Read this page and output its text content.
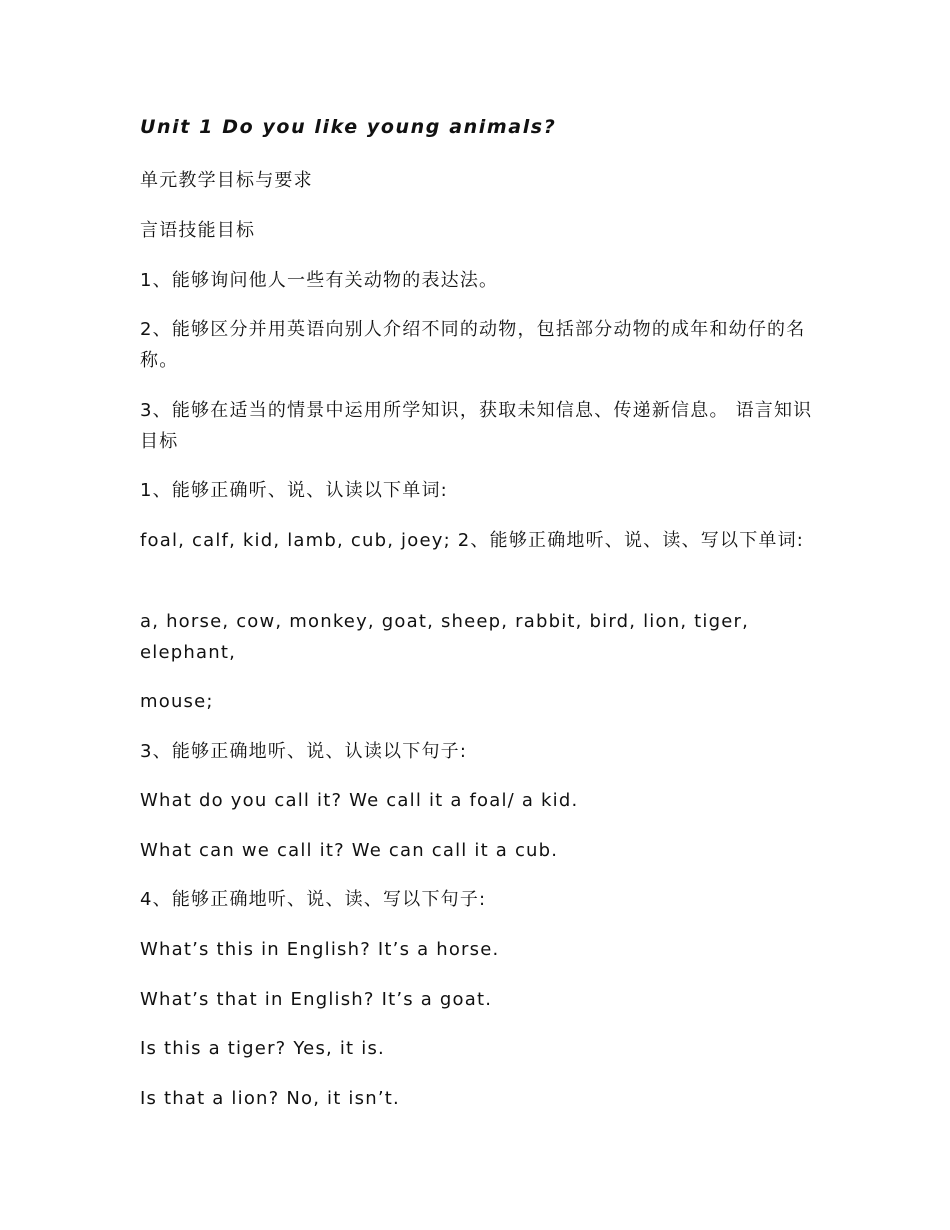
Unit 1 Do you like young animals?
单元教学目标与要求
言语技能目标
1、能够询问他人一些有关动物的表达法。
2、能够区分并用英语向别人介绍不同的动物，包括部分动物的成年和幼仔的名称。
3、能够在适当的情景中运用所学知识，获取未知信息、传递新信息。 语言知识目标
1、能够正确听、说、认读以下单词:
foal, calf, kid, lamb, cub, joey; 2、能够正确地听、说、读、写以下单词:
a, horse, cow, monkey, goat, sheep, rabbit, bird, lion, tiger, elephant,
mouse;
3、能够正确地听、说、认读以下句子:
What do you call it? We call it a foal/ a kid.
What can we call it? We can call it a cub.
4、能够正确地听、说、读、写以下句子:
What’s this in English? It’s a horse.
What’s that in English? It’s a goat.
Is this a tiger? Yes, it is.
Is that a lion? No, it isn’t.
